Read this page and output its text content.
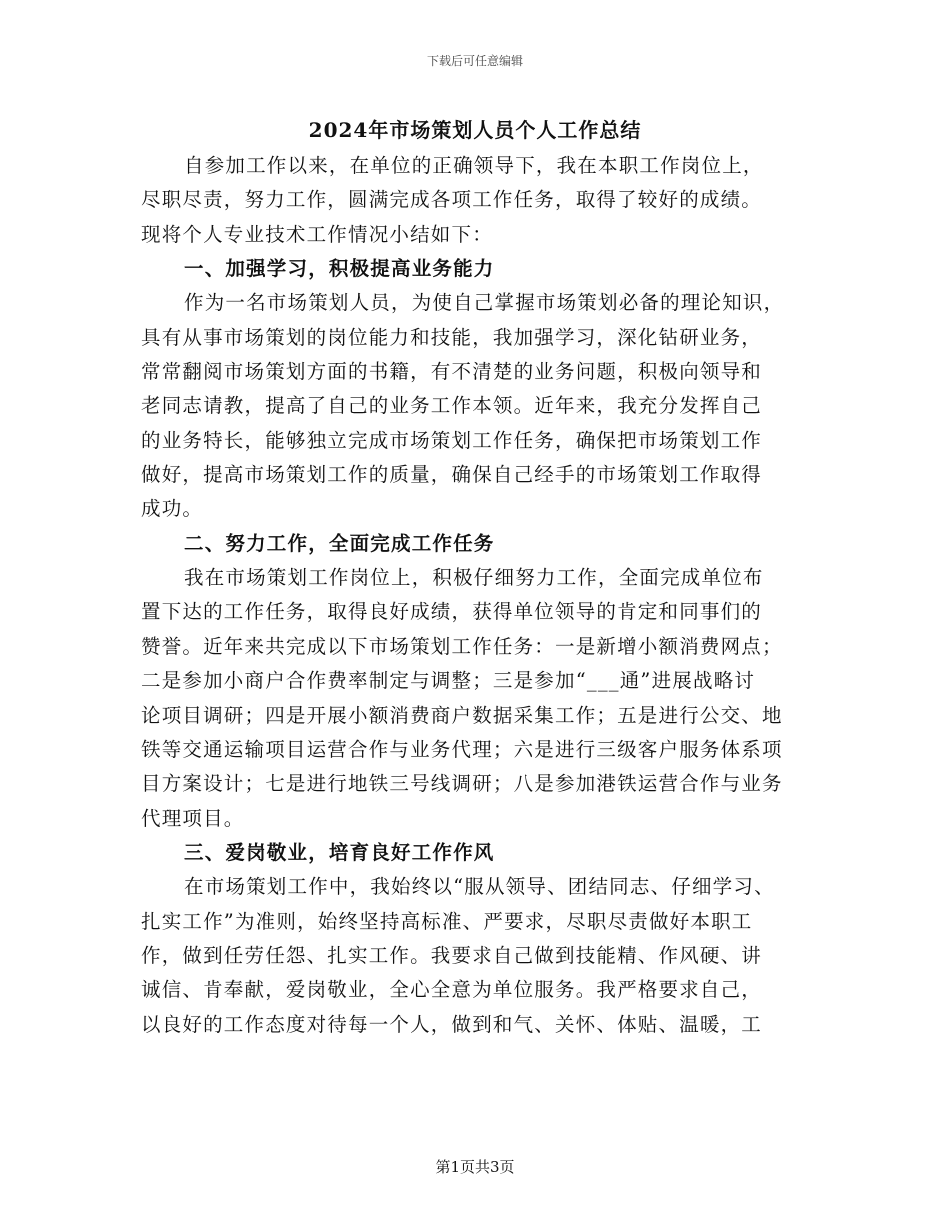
下载后可任意编辑
2024年市场策划人员个人工作总结
自参加工作以来，在单位的正确领导下，我在本职工作岗位上，
尽职尽责，努力工作，圆满完成各项工作任务，取得了较好的成绩。
现将个人专业技术工作情况小结如下：
一、加强学习，积极提高业务能力
作为一名市场策划人员，为使自己掌握市场策划必备的理论知识，
具有从事市场策划的岗位能力和技能，我加强学习，深化钻研业务，
常常翻阅市场策划方面的书籍，有不清楚的业务问题，积极向领导和
老同志请教，提高了自己的业务工作本领。近年来，我充分发挥自己
的业务特长，能够独立完成市场策划工作任务，确保把市场策划工作
做好，提高市场策划工作的质量，确保自己经手的市场策划工作取得
成功。
二、努力工作，全面完成工作任务
我在市场策划工作岗位上，积极仔细努力工作，全面完成单位布
置下达的工作任务，取得良好成绩，获得单位领导的肯定和同事们的
赞誉。近年来共完成以下市场策划工作任务：一是新增小额消费网点；
二是参加小商户合作费率制定与调整；三是参加“___通”进展战略讨
论项目调研；四是开展小额消费商户数据采集工作；五是进行公交、地
铁等交通运输项目运营合作与业务代理；六是进行三级客户服务体系项
目方案设计；七是进行地铁三号线调研；八是参加港铁运营合作与业务
代理项目。
三、爱岗敬业，培育良好工作作风
在市场策划工作中，我始终以“服从领导、团结同志、仔细学习、
扎实工作”为准则，始终坚持高标准、严要求，尽职尽责做好本职工
作，做到任劳任怨、扎实工作。我要求自己做到技能精、作风硬、讲
诚信、肯奉献，爱岗敬业，全心全意为单位服务。我严格要求自己，
以良好的工作态度对待每一个人，做到和气、关怀、体贴、温暖，工
第1页共3页
